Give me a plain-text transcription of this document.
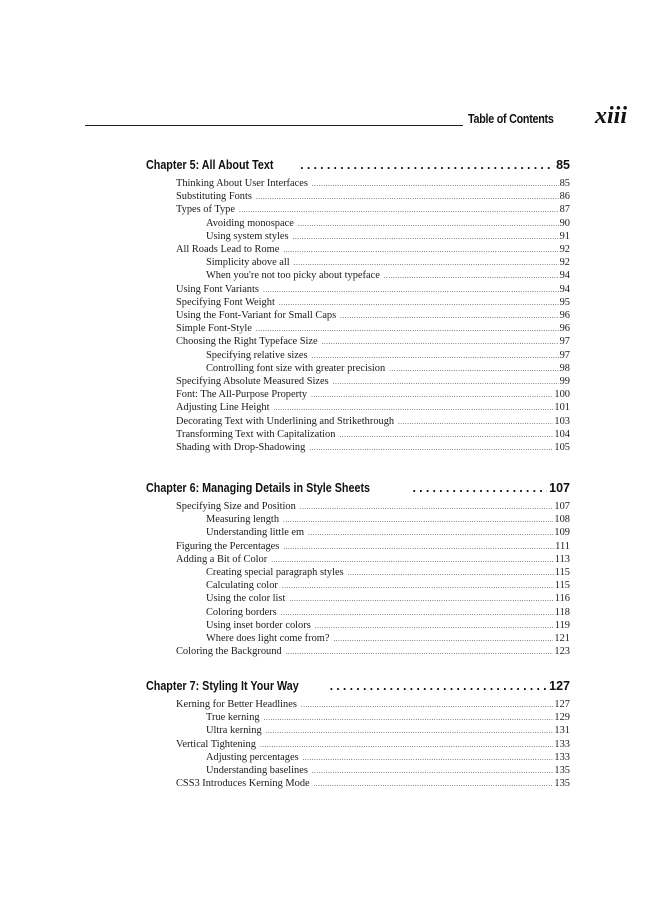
Table of Contents xiii
Chapter 5: All About Text .....	85
Thinking About User Interfaces .....	85
Substituting Fonts .....	86
Types of Type .....	87
Avoiding monospace .....	90
Using system styles .....	91
All Roads Lead to Rome .....	92
Simplicity above all .....	92
When you're not too picky about typeface .....	94
Using Font Variants .....	94
Specifying Font Weight .....	95
Using the Font-Variant for Small Caps .....	96
Simple Font-Style .....	96
Choosing the Right Typeface Size .....	97
Specifying relative sizes .....	97
Controlling font size with greater precision .....	98
Specifying Absolute Measured Sizes .....	99
Font: The All-Purpose Property .....	100
Adjusting Line Height .....	101
Decorating Text with Underlining and Strikethrough .....	103
Transforming Text with Capitalization .....	104
Shading with Drop-Shadowing .....	105
Chapter 6: Managing Details in Style Sheets .....	107
Specifying Size and Position .....	107
Measuring length .....	108
Understanding little em .....	109
Figuring the Percentages .....	111
Adding a Bit of Color .....	113
Creating special paragraph styles .....	115
Calculating color .....	115
Using the color list .....	116
Coloring borders .....	118
Using inset border colors .....	119
Where does light come from? .....	121
Coloring the Background .....	123
Chapter 7: Styling It Your Way .....	127
Kerning for Better Headlines .....	127
True kerning .....	129
Ultra kerning .....	131
Vertical Tightening .....	133
Adjusting percentages .....	133
Understanding baselines .....	135
CSS3 Introduces Kerning Mode .....	135
